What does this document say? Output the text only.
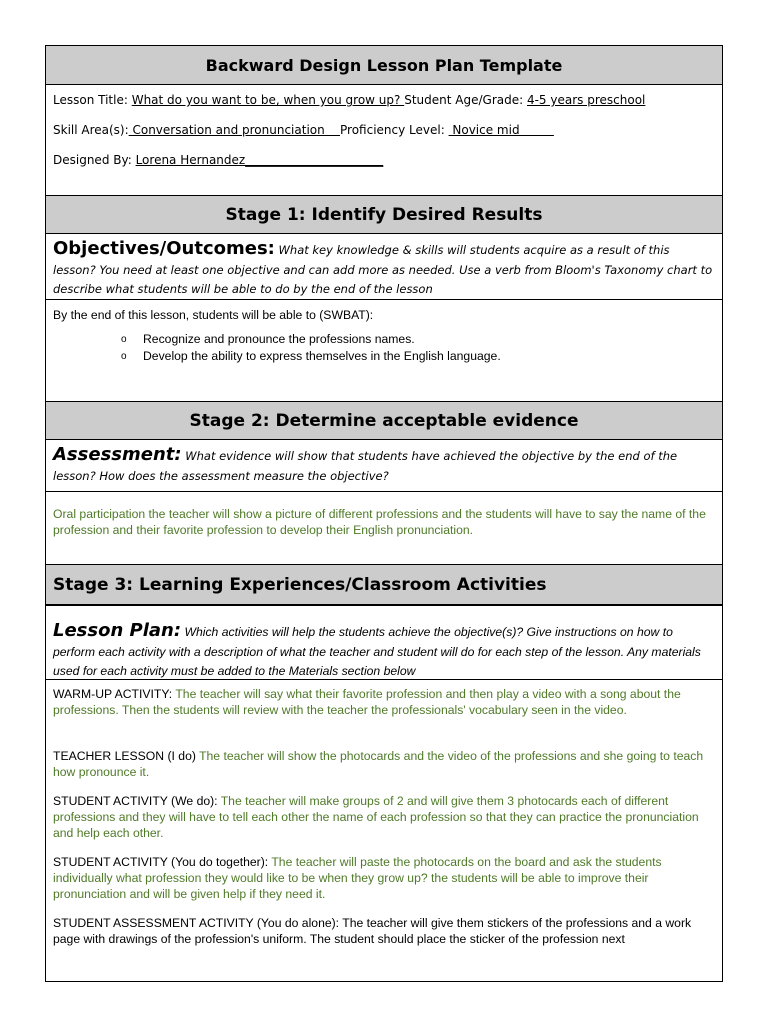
Backward Design Lesson Plan Template
Lesson Title: What do you want to be, when you grow up? Student Age/Grade: 4-5 years preschool
Skill Area(s): Conversation and pronunciation    Proficiency Level:  Novice mid
Designed By: Lorena Hernandez_______________________
Stage 1: Identify Desired Results
Objectives/Outcomes: What key knowledge & skills will students acquire as a result of this lesson? You need at least one objective and can add more as needed. Use a verb from Bloom's Taxonomy chart to describe what students will be able to do by the end of the lesson
By the end of this lesson, students will be able to (SWBAT):
o Recognize and pronounce the professions names.
o Develop the ability to express themselves in the English language.
Stage 2: Determine acceptable evidence
Assessment: What evidence will show that students have achieved the objective by the end of the lesson? How does the assessment measure the objective?
Oral participation the teacher will show a picture of different professions and the students will have to say the name of the profession and their favorite profession to develop their English pronunciation.
Stage 3: Learning Experiences/Classroom Activities
Lesson Plan: Which activities will help the students achieve the objective(s)? Give instructions on how to perform each activity with a description of what the teacher and student will do for each step of the lesson. Any materials used for each activity must be added to the Materials section below
WARM-UP ACTIVITY: The teacher will say what their favorite profession and then play a video with a song about the professions. Then the students will review with the teacher the professionals' vocabulary seen in the video.
TEACHER LESSON (I do) The teacher will show the photocards and the video of the professions and she going to teach how pronounce it.
STUDENT ACTIVITY (We do): The teacher will make groups of 2 and will give them 3 photocards each of different professions and they will have to tell each other the name of each profession so that they can practice the pronunciation and help each other.
STUDENT ACTIVITY (You do together): The teacher will paste the photocards on the board and ask the students individually what profession they would like to be when they grow up? the students will be able to improve their pronunciation and will be given help if they need it.
STUDENT ASSESSMENT ACTIVITY (You do alone): The teacher will give them stickers of the professions and a work page with drawings of the profession's uniform. The student should place the sticker of the profession next
